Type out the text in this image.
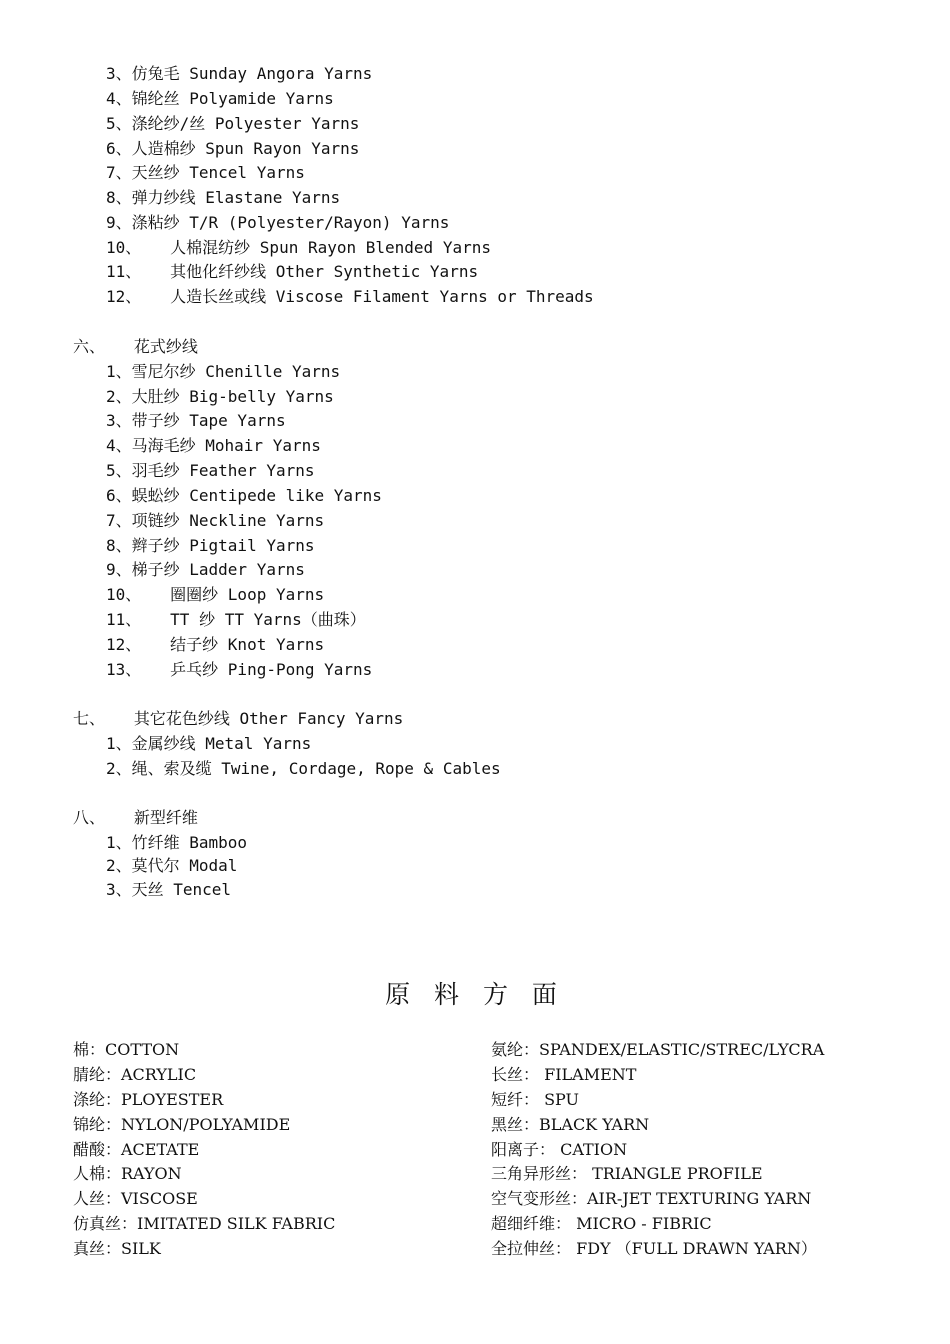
3、仿兔毛 Sunday Angora Yarns
4、锦纶丝 Polyamide Yarns
5、涤纶纱/丝 Polyester Yarns
6、人造棉纱 Spun Rayon Yarns
7、天丝纱 Tencel Yarns
8、弹力纱线 Elastane Yarns
9、涤粘纱 T/R (Polyester/Rayon) Yarns
10、   人棉混纺纱 Spun Rayon Blended Yarns
11、   其他化纤纱线 Other Synthetic Yarns
12、   人造长丝或线 Viscose Filament Yarns or Threads
六、   花式纱线
1、雪尼尔纱 Chenille Yarns
2、大肚纱 Big-belly Yarns
3、带子纱 Tape Yarns
4、马海毛纱 Mohair Yarns
5、羽毛纱 Feather Yarns
6、蜈蚣纱 Centipede like Yarns
7、项链纱 Neckline Yarns
8、辫子纱 Pigtail Yarns
9、梯子纱 Ladder Yarns
10、   圈圈纱 Loop Yarns
11、   TT 纱 TT Yarns（曲珠）
12、   结子纱 Knot Yarns
13、   乒乓纱 Ping-Pong Yarns
七、   其它花色纱线 Other Fancy Yarns
1、金属纱线 Metal Yarns
2、绳、索及缆 Twine, Cordage, Rope & Cables
八、   新型纤维
1、竹纤维 Bamboo
2、莫代尔 Modal
3、天丝 Tencel
原 料 方 面
棉：COTTON
腈纶：ACRYLIC
涤纶：PLOYESTER
锦纶：NYLON/POLYAMIDE
醋酸：ACETATE
人棉：RAYON
人丝：VISCOSE
仿真丝：IMITATED SILK FABRIC
真丝：SILK
氨纶：SPANDEX/ELASTIC/STREC/LYCRA
长丝： FILAMENT
短纤： SPU
黑丝：BLACK YARN
阳离子： CATION
三角异形丝： TRIANGLE PROFILE
空气变形丝：AIR-JET TEXTURING YARN
超细纤维： MICRO - FIBRIC
全拉伸丝： FDY （FULL DRAWN YARN）
